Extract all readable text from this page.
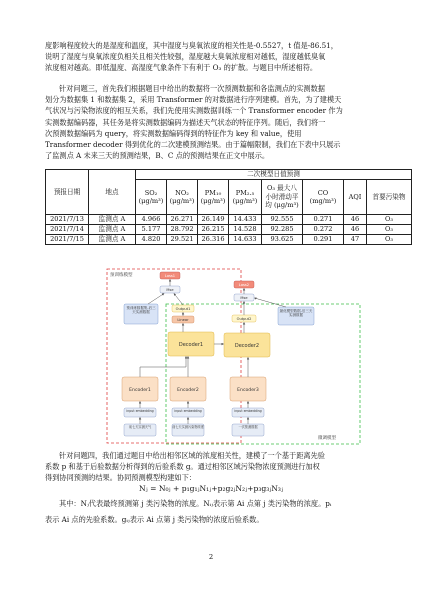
度影响程度较大的是湿度和温度，其中湿度与臭氧浓度的相关性是-0.5527，t 值是-86.51，
说明了湿度与臭氧浓度负相关且相关性较强，湿度越大臭氧浓度相对越低，湿度越低臭氧
浓度相对越高。即低温度、高湿度气象条件下有利于 O₃ 的扩散。与题目中所述相符。
针对问题三，首先我们根据题目中给出的数据将一次预测数据和各监测点的实测数据
划分为数据集 1 和数据集 2，采用 Transformer 的对数据进行序列建模。首先，为了建模天
气状况与污染物浓度的相互关系，我们先使用实测数据训练一个 Transformer encoder 作为
实测数据编码器，其任务是将实测数据编码为描述天气状态的特征序列。随后，我们将一
次预测数据编码为 query，将实测数据编码得到的特征作为 key 和 value，使用
Transformer decoder 得到优化的二次建模预测结果。由于篇幅限制，我们在下表中只展示
了监测点 A 未来三天的预测结果，B、C 点的预测结果在正文中展示。
预报日期	地点	二次模型日值预测							
		SO₂ (μg/m³)	NO₂ (μg/m³)	PM₁₀ (μg/m³)	PM₂.₅ (μg/m³)	O₃ 最大八小时滑动平均 (μg/m³)	CO (mg/m³)	AQI	首要污染物
2021/7/13	监测点 A	4.966	26.271	26.149	14.433	92.555	0.271	46	O₃
2021/7/14	监测点 A	5.177	28.792	26.215	14.528	92.285	0.272	46	O₃
2021/7/15	监测点 A	4.820	29.521	26.316	14.633	93.625	0.291	47	O₃
预训练模型
微调模型
Loss1
Mse
Output1
Linear
预训练数据集-后三天实测数据
Decoder1
Encoder1	Encoder2
input embedding	input embedding
前七天实测天气	前七天实测污染物浓度
Loss2
Mse
Output2
最优模型数据-后三天实测数据
Decoder2
Encoder3
input embedding
一次预测数据
针对问题四，我们通过题目中给出相邻区域的浓度相关性，建模了一个基于距离先验
系数 p 和基于后验数据分析得到的后验系数 g。通过相邻区域污染物浓度预测进行加权
得到协同预测的结果。协同预测模型构建如下：
Nⱼ = N₀ⱼ + p₁g₁ⱼN₁ⱼ+p₂g₂ⱼN₂ⱼ+p₃g₃ⱼN₃ⱼ
其中：Nⱼ代表最终预测第 j 类污染物的浓度。Nᵢⱼ表示第 Ai 点第 j 类污染物的浓度。pᵢ
表示 Ai 点的先验系数。gᵢⱼ表示 Ai 点第 j 类污染物的浓度后验系数。
2
